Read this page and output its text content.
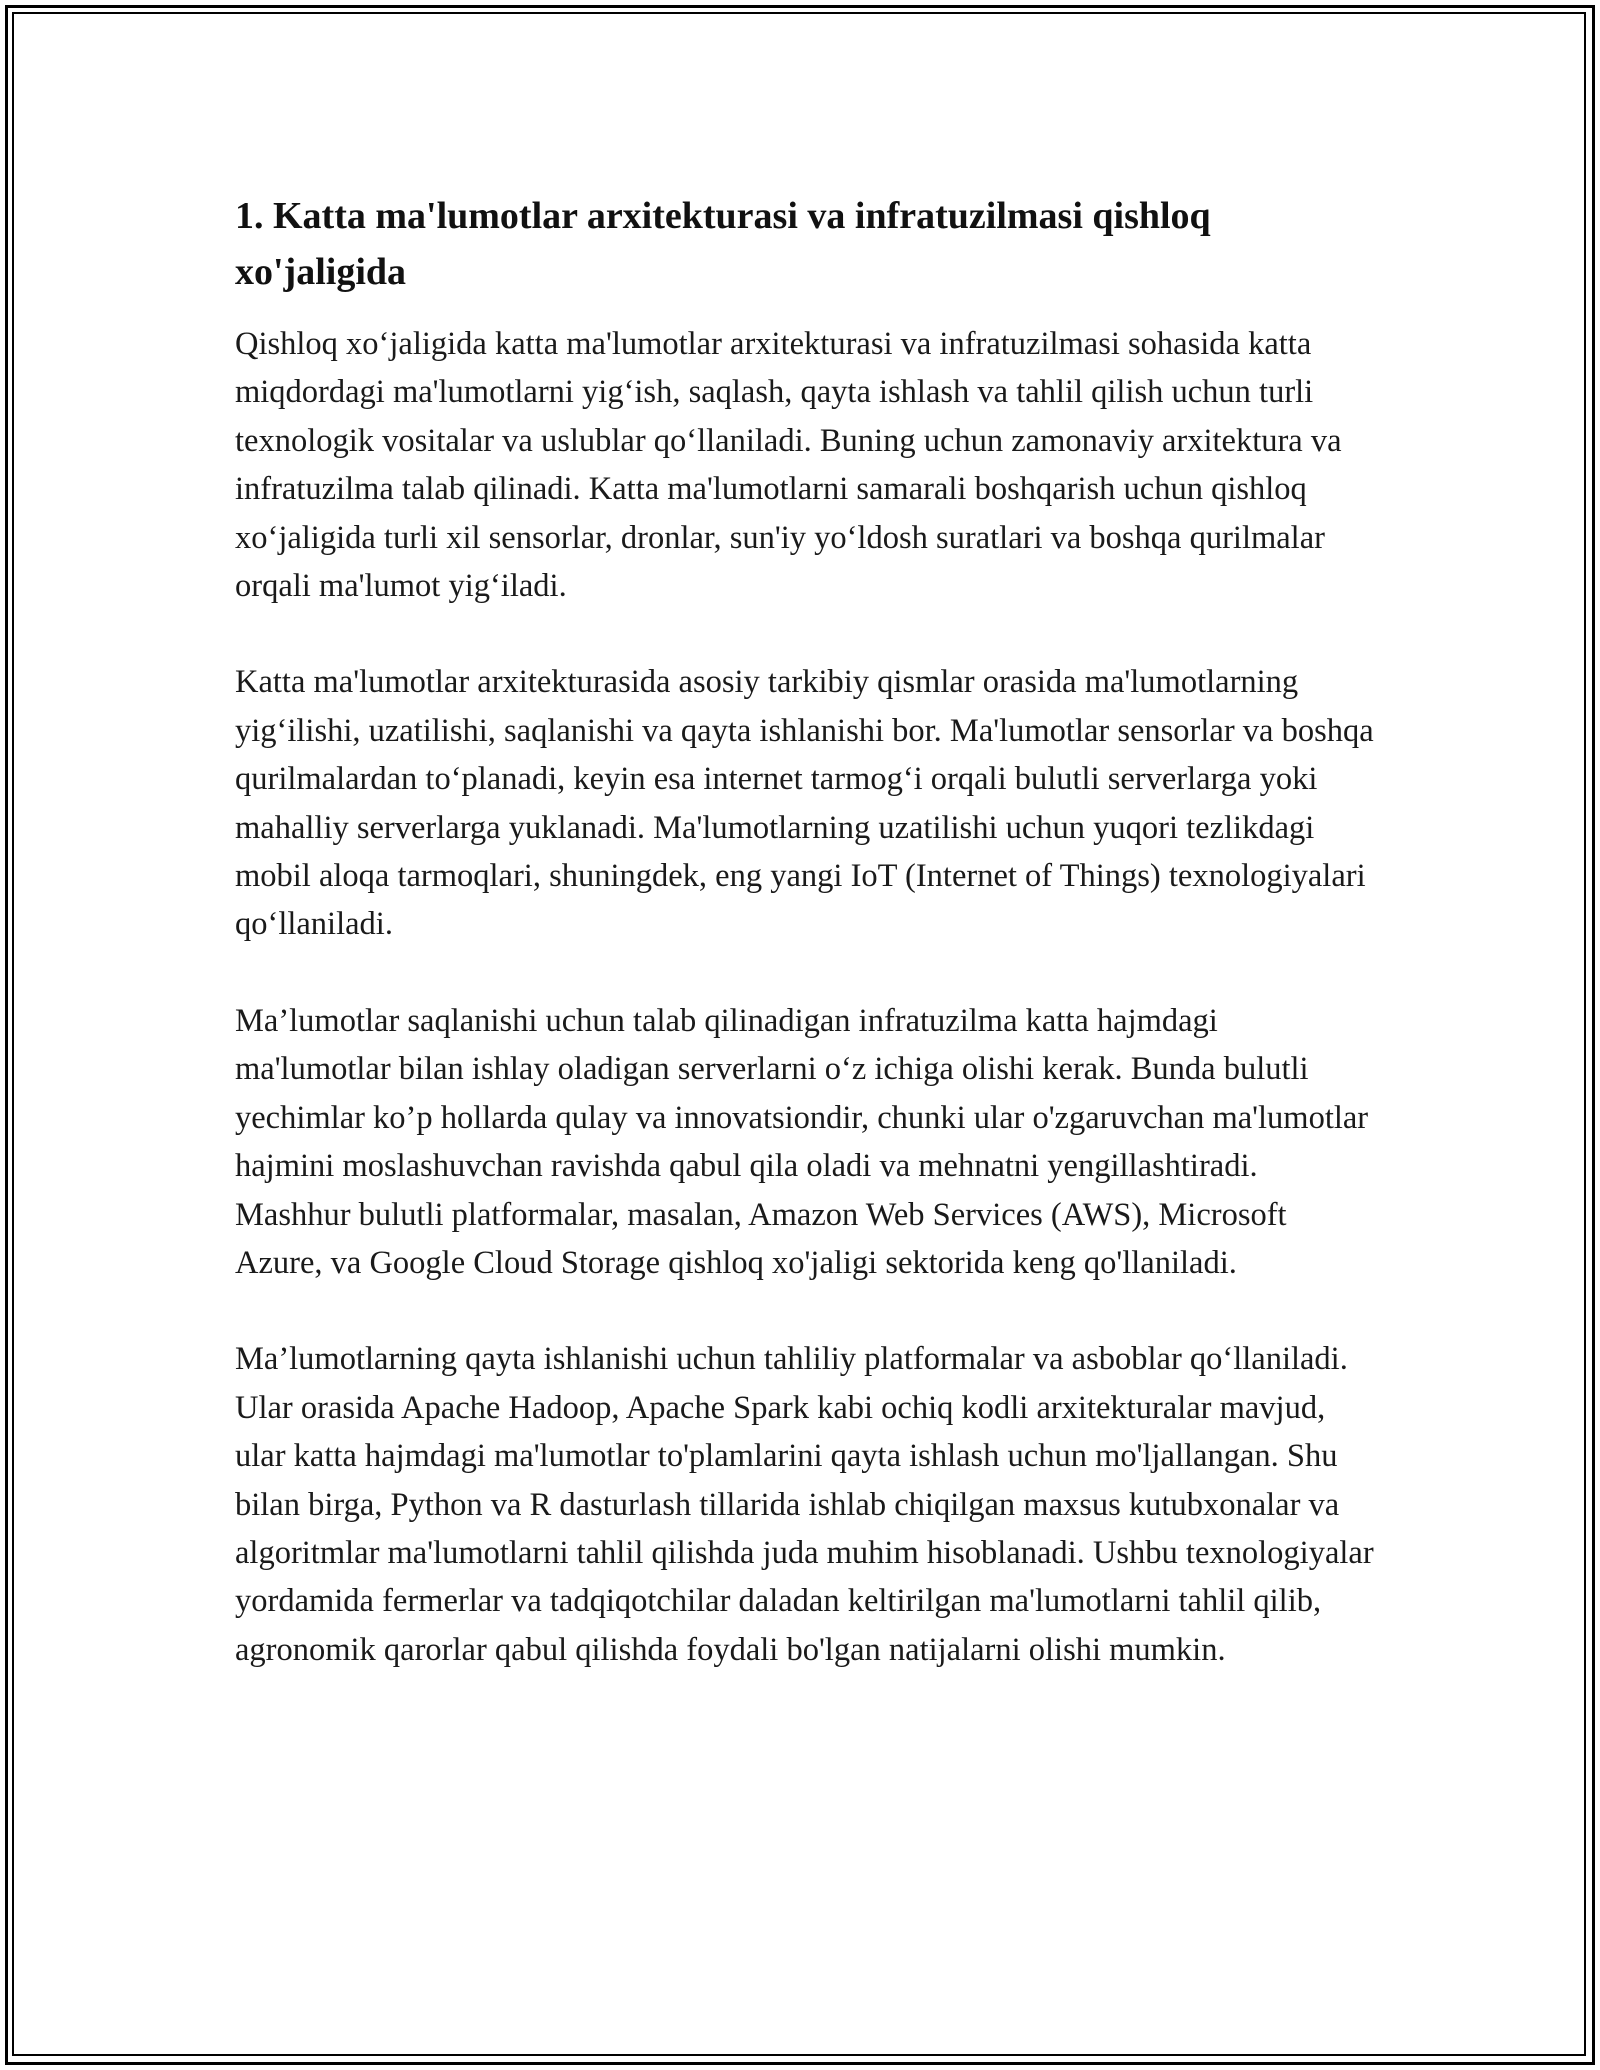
1. Katta ma'lumotlar arxitekturasi va infratuzilmasi qishloq xo'jaligida

Qishloq xo‘jaligida katta ma'lumotlar arxitekturasi va infratuzilmasi sohasida katta miqdordagi ma'lumotlarni yig‘ish, saqlash, qayta ishlash va tahlil qilish uchun turli texnologik vositalar va uslublar qo‘llaniladi. Buning uchun zamonaviy arxitektura va infratuzilma talab qilinadi. Katta ma'lumotlarni samarali boshqarish uchun qishloq xo‘jaligida turli xil sensorlar, dronlar, sun'iy yo‘ldosh suratlari va boshqa qurilmalar orqali ma'lumot yig‘iladi.

Katta ma'lumotlar arxitekturasida asosiy tarkibiy qismlar orasida ma'lumotlarning yig‘ilishi, uzatilishi, saqlanishi va qayta ishlanishi bor. Ma'lumotlar sensorlar va boshqa qurilmalardan to‘planadi, keyin esa internet tarmog‘i orqali bulutli serverlarga yoki mahalliy serverlarga yuklanadi. Ma'lumotlarning uzatilishi uchun yuqori tezlikdagi mobil aloqa tarmoqlari, shuningdek, eng yangi IoT (Internet of Things) texnologiyalari qo‘llaniladi.

Ma’lumotlar saqlanishi uchun talab qilinadigan infratuzilma katta hajmdagi ma'lumotlar bilan ishlay oladigan serverlarni o‘z ichiga olishi kerak. Bunda bulutli yechimlar ko’p hollarda qulay va innovatsiondir, chunki ular o'zgaruvchan ma'lumotlar hajmini moslashuvchan ravishda qabul qila oladi va mehnatni yengillashtiradi. Mashhur bulutli platformalar, masalan, Amazon Web Services (AWS), Microsoft Azure, va Google Cloud Storage qishloq xo'jaligi sektorida keng qo'llaniladi.

Ma’lumotlarning qayta ishlanishi uchun tahliliy platformalar va asboblar qo‘llaniladi. Ular orasida Apache Hadoop, Apache Spark kabi ochiq kodli arxitekturalar mavjud, ular katta hajmdagi ma'lumotlar to'plamlarini qayta ishlash uchun mo'ljallangan. Shu bilan birga, Python va R dasturlash tillarida ishlab chiqilgan maxsus kutubxonalar va algoritmlar ma'lumotlarni tahlil qilishda juda muhim hisoblanadi. Ushbu texnologiyalar yordamida fermerlar va tadqiqotchilar daladan keltirilgan ma'lumotlarni tahlil qilib, agronomik qarorlar qabul qilishda foydali bo'lgan natijalarni olishi mumkin.
